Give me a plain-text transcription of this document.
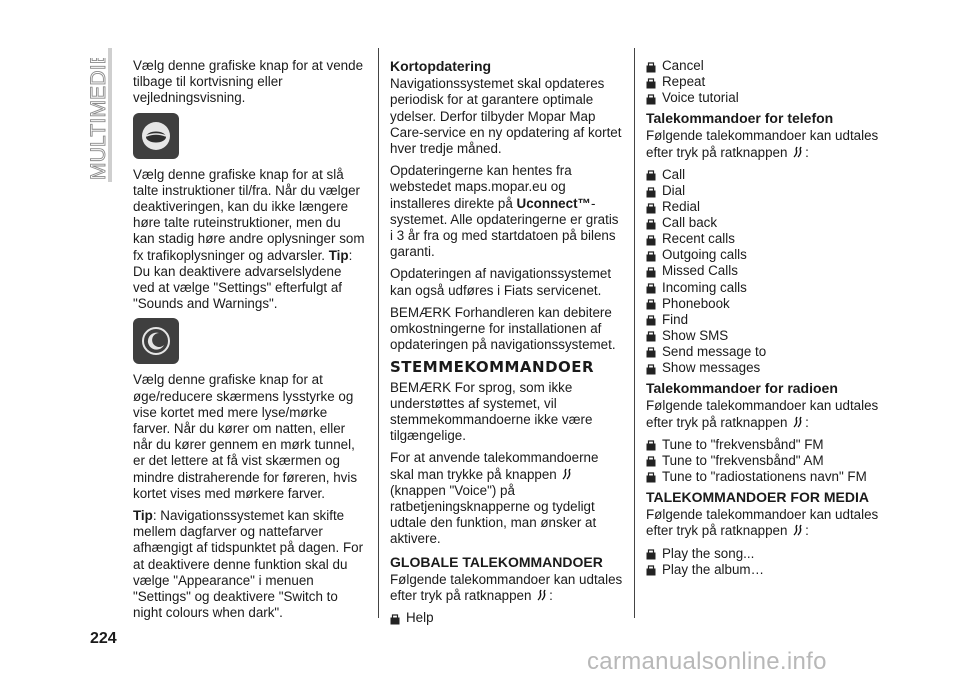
MULTIMEDIE Vælg denne grafiske knap for at vende tilbage til kortvisning eller vejledningsvisning.

Vælg denne grafiske knap for at slå talte instruktioner til/fra. Når du vælger deaktiveringen, kan du ikke længere høre talte ruteinstruktioner, men du kan stadig høre andre oplysninger som fx trafikoplysninger og advarsler. Tip: Du kan deaktivere advarselslydene ved at vælge "Settings" efterfulgt af "Sounds and Warnings".

Vælg denne grafiske knap for at øge/reducere skærmens lysstyrke og vise kortet med mere lyse/mørke farver. Når du kører om natten, eller når du kører gennem en mørk tunnel, er det lettere at få vist skærmen og mindre distraherende for føreren, hvis kortet vises med mørkere farver.

Tip: Navigationssystemet kan skifte mellem dagfarver og nattefarver afhængigt af tidspunktet på dagen. For at deaktivere denne funktion skal du vælge "Appearance" i menuen "Settings" og deaktivere "Switch to night colours when dark".

Kortopdatering

Navigationssystemet skal opdateres periodisk for at garantere optimale ydelser. Derfor tilbyder Mopar Map Care-service en ny opdatering af kortet hver tredje måned.

Opdateringerne kan hentes fra webstedet maps.mopar.eu og installeres direkte på Uconnect™-systemet. Alle opdateringerne er gratis i 3 år fra og med startdatoen på bilens garanti.

Opdateringen af navigationssystemet kan også udføres i Fiats servicenet.

BEMÆRK Forhandleren kan debitere omkostningerne for installationen af opdateringen på navigationssystemet.

STEMMEKOMMANDOER

BEMÆRK For sprog, som ikke understøttes af systemet, vil stemmekommandoerne ikke være tilgængelige.

For at anvende talekommandoerne skal man trykke på knappen  (knappen "Voice") på ratbetjeningsknapperne og tydeligt udtale den funktion, man ønsker at aktivere.

GLOBALE TALEKOMMANDOER

Følgende talekommandoer kan udtales efter tryk på ratknappen :

Help
Cancel
Repeat
Voice tutorial
Talekommandoer for telefon

Følgende talekommandoer kan udtales efter tryk på ratknappen :

Call
Dial
Redial
Call back
Recent calls
Outgoing calls
Missed Calls
Incoming calls
Phonebook
Find
Show SMS
Send message to
Show messages
Talekommandoer for radioen

Følgende talekommandoer kan udtales efter tryk på ratknappen :

Tune to "frekvensbånd" FM
Tune to "frekvensbånd" AM
Tune to "radiostationens navn" FM
TALEKOMMANDOER FOR MEDIA

Følgende talekommandoer kan udtales efter tryk på ratknappen :

Play the song...
Play the album…
224
carmanualsonline.info
